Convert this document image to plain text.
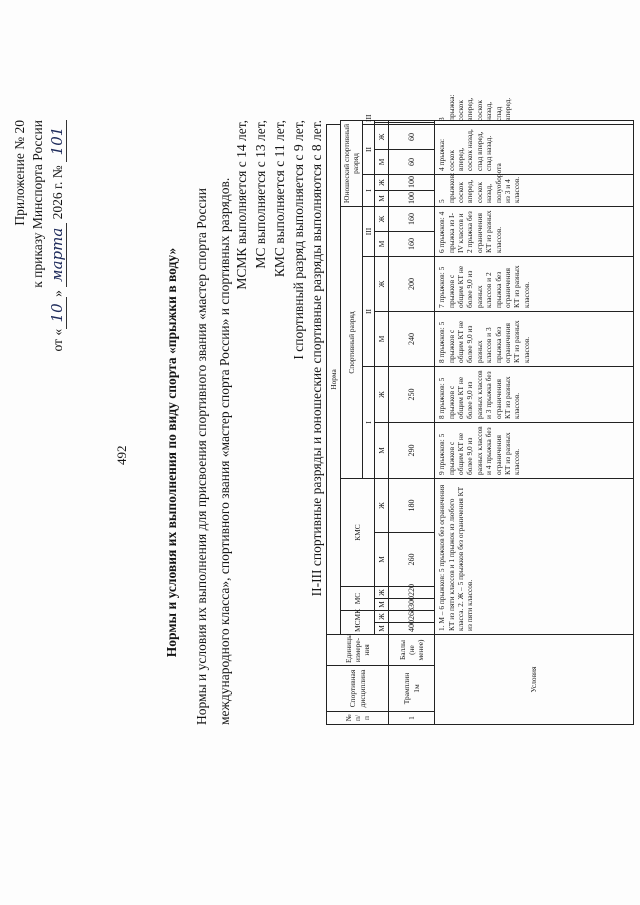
492
Приложение № 20 к приказу Минспорта России
от «10» марта 2026 г. № 101
Нормы и условия их выполнения по виду спорта «прыжки в воду» Нормы и условия их выполнения для присвоения спортивного звания «мастер спорта России международного класса», спортивного звания «мастер спорта России» и спортивных разрядов. МСМК выполняется с 14 лет, МС выполняется с 13 лет, КМС выполняется с 11 лет, I спортивный разряд выполняется с 9 лет, II-III спортивные разряды и юношеские спортивные разряды выполняются с 8 лет.
№ п/п	Спортивная дисциплина	Единицы измере-ния	Норма																	
			МСМК		МС		КМС		Спортивный разряд						Юношеский спортивный разряд					
									I		II		III		I		II		III	
			М	Ж	М	Ж	М	Ж	М	Ж	М	Ж	М	Ж	М	Ж	М	Ж		
1	Трамплин 1м	Баллы (не менее)	400	268	300	220	260	180	290	250	240	200	160	160	100	100	60	60		
Условия			1. М – 6 прыжков: 5 прыжков без ограничения КТ из пяти классов и 1 прыжок из любого класса. 2. Ж – 5 прыжков без ограничения КТ из пяти классов.						9 прыжков: 5 прыжков с общим КТ не более 9,0 из разных классов и 4 прыжка без ограничения КТ из разных классов.	8 прыжков: 5 прыжков с общим КТ не более 9,0 из разных классов и 3 прыжка без ограничения КТ из разных классов.	8 прыжков: 5 прыжков с общим КТ не более 9,0 из разных классов и 3 прыжка без ограничения КТ из разных классов.	7 прыжков: 5 прыжков с общим КТ не более 9,0 из разных классов и 2 прыжка без ограничения КТ из разных классов.	6 прыжков: 4 прыжка из I-IV классов и 2 прыжка без ограничения КТ из разных классов.		5 прыжков: соскок вперед, соскок назад, полуоборота из 3 и 4 классов.		4 прыжка: соскок вперед, соскок назад, спад вперед, спад назад.		3 прыжка: соскок вперед, соскок назад, спад вперед.	
